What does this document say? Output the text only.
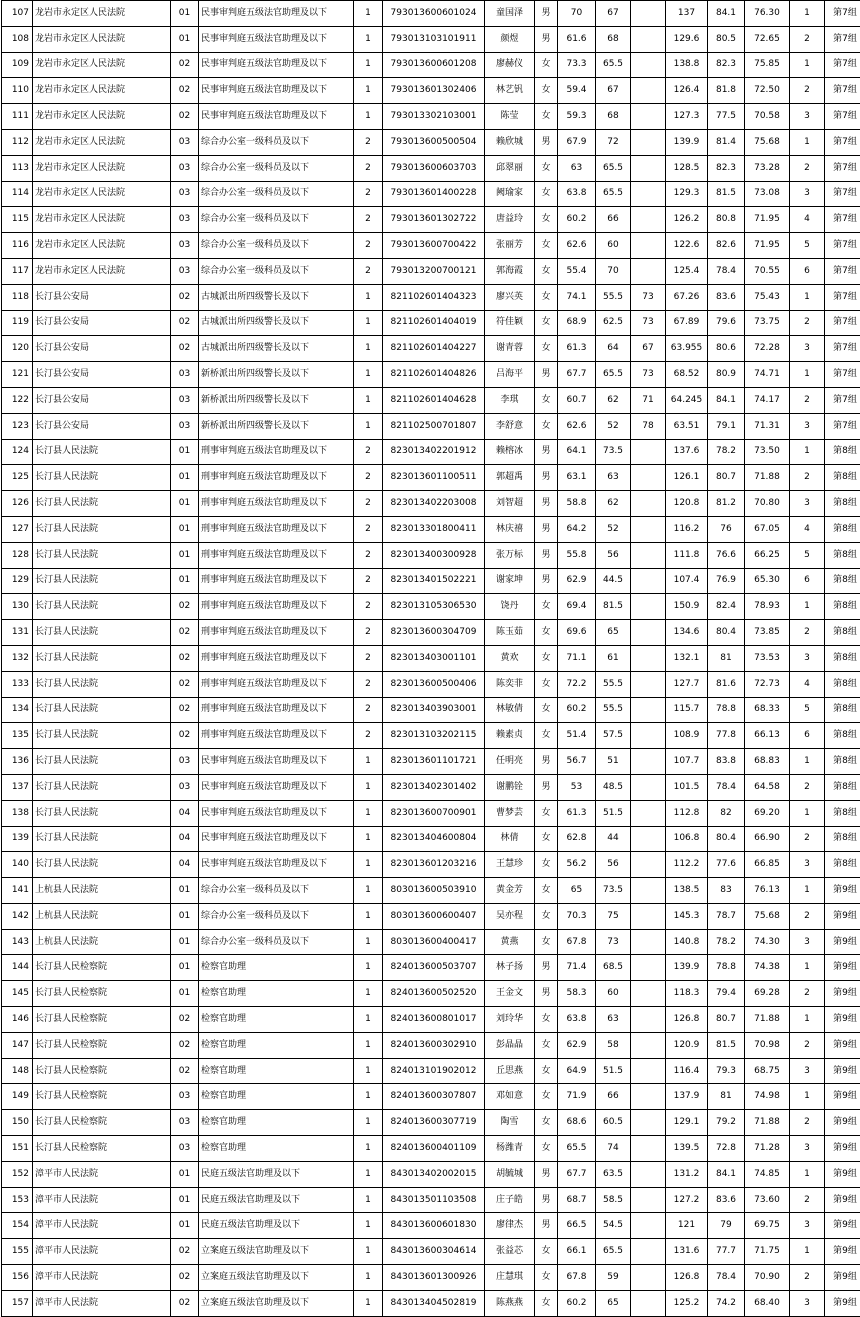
107	龙岩市永定区人民法院	01	民事审判庭五级法官助理及以下	1	793013600601024	童国泽	男	70	67		137	84.1	76.30	1	第7组	
108	龙岩市永定区人民法院	01	民事审判庭五级法官助理及以下	1	793013103101911	颜煜	男	61.6	68		129.6	80.5	72.65	2	第7组	
109	龙岩市永定区人民法院	02	民事审判庭五级法官助理及以下	1	793013600601208	廖赫仪	女	73.3	65.5		138.8	82.3	75.85	1	第7组	
110	龙岩市永定区人民法院	02	民事审判庭五级法官助理及以下	1	793013601302406	林艺钒	女	59.4	67		126.4	81.8	72.50	2	第7组	
111	龙岩市永定区人民法院	02	民事审判庭五级法官助理及以下	1	793013302103001	陈莹	女	59.3	68		127.3	77.5	70.58	3	第7组	
112	龙岩市永定区人民法院	03	综合办公室一级科员及以下	2	793013600500504	赖欣城	男	67.9	72		139.9	81.4	75.68	1	第7组	
113	龙岩市永定区人民法院	03	综合办公室一级科员及以下	2	793013600603703	邱翠丽	女	63	65.5		128.5	82.3	73.28	2	第7组	
114	龙岩市永定区人民法院	03	综合办公室一级科员及以下	2	793013601400228	阙瑜家	女	63.8	65.5		129.3	81.5	73.08	3	第7组	
115	龙岩市永定区人民法院	03	综合办公室一级科员及以下	2	793013601302722	唐益玲	女	60.2	66		126.2	80.8	71.95	4	第7组	
116	龙岩市永定区人民法院	03	综合办公室一级科员及以下	2	793013600700422	张丽芳	女	62.6	60		122.6	82.6	71.95	5	第7组	
117	龙岩市永定区人民法院	03	综合办公室一级科员及以下	2	793013200700121	郭海霞	女	55.4	70		125.4	78.4	70.55	6	第7组	
118	长汀县公安局	02	古城派出所四级警长及以下	1	821102601404323	廖兴英	女	74.1	55.5	73	67.26	83.6	75.43	1	第7组	
119	长汀县公安局	02	古城派出所四级警长及以下	1	821102601404019	符佳颖	女	68.9	62.5	73	67.89	79.6	73.75	2	第7组	
120	长汀县公安局	02	古城派出所四级警长及以下	1	821102601404227	谢青蓉	女	61.3	64	67	63.955	80.6	72.28	3	第7组	
121	长汀县公安局	03	新桥派出所四级警长及以下	1	821102601404826	吕海平	男	67.7	65.5	73	68.52	80.9	74.71	1	第7组	
122	长汀县公安局	03	新桥派出所四级警长及以下	1	821102601404628	李琪	女	60.7	62	71	64.245	84.1	74.17	2	第7组	
123	长汀县公安局	03	新桥派出所四级警长及以下	1	821102500701807	李舒意	女	62.6	52	78	63.51	79.1	71.31	3	第7组	
124	长汀县人民法院	01	刑事审判庭五级法官助理及以下	2	823013402201912	赖榕冰	男	64.1	73.5		137.6	78.2	73.50	1	第8组	
125	长汀县人民法院	01	刑事审判庭五级法官助理及以下	2	823013601100511	郭超禹	男	63.1	63		126.1	80.7	71.88	2	第8组	
126	长汀县人民法院	01	刑事审判庭五级法官助理及以下	2	823013402203008	刘智超	男	58.8	62		120.8	81.2	70.80	3	第8组	
127	长汀县人民法院	01	刑事审判庭五级法官助理及以下	2	823013301800411	林庆禧	男	64.2	52		116.2	76	67.05	4	第8组	
128	长汀县人民法院	01	刑事审判庭五级法官助理及以下	2	823013400300928	张万标	男	55.8	56		111.8	76.6	66.25	5	第8组	
129	长汀县人民法院	01	刑事审判庭五级法官助理及以下	2	823013401502221	谢家坤	男	62.9	44.5		107.4	76.9	65.30	6	第8组	
130	长汀县人民法院	02	刑事审判庭五级法官助理及以下	2	823013105306530	饶丹	女	69.4	81.5		150.9	82.4	78.93	1	第8组	
131	长汀县人民法院	02	刑事审判庭五级法官助理及以下	2	823013600304709	陈玉茹	女	69.6	65		134.6	80.4	73.85	2	第8组	
132	长汀县人民法院	02	刑事审判庭五级法官助理及以下	2	823013403001101	黄欢	女	71.1	61		132.1	81	73.53	3	第8组	
133	长汀县人民法院	02	刑事审判庭五级法官助理及以下	2	823013600500406	陈奕菲	女	72.2	55.5		127.7	81.6	72.73	4	第8组	
134	长汀县人民法院	02	刑事审判庭五级法官助理及以下	2	823013403903001	林敏倩	女	60.2	55.5		115.7	78.8	68.33	5	第8组	
135	长汀县人民法院	02	刑事审判庭五级法官助理及以下	2	823013103202115	赖素贞	女	51.4	57.5		108.9	77.8	66.13	6	第8组	
136	长汀县人民法院	03	民事审判庭五级法官助理及以下	1	823013601101721	任明亮	男	56.7	51		107.7	83.8	68.83	1	第8组	
137	长汀县人民法院	03	民事审判庭五级法官助理及以下	1	823013402301402	谢鹏铨	男	53	48.5		101.5	78.4	64.58	2	第8组	
138	长汀县人民法院	04	民事审判庭五级法官助理及以下	1	823013600700901	曹梦芸	女	61.3	51.5		112.8	82	69.20	1	第8组	
139	长汀县人民法院	04	民事审判庭五级法官助理及以下	1	823013404600804	林倩	女	62.8	44		106.8	80.4	66.90	2	第8组	
140	长汀县人民法院	04	民事审判庭五级法官助理及以下	1	823013601203216	王慧珍	女	56.2	56		112.2	77.6	66.85	3	第8组	
141	上杭县人民法院	01	综合办公室一级科员及以下	1	803013600503910	黄金芳	女	65	73.5		138.5	83	76.13	1	第9组	
142	上杭县人民法院	01	综合办公室一级科员及以下	1	803013600600407	吴亦程	女	70.3	75		145.3	78.7	75.68	2	第9组	
143	上杭县人民法院	01	综合办公室一级科员及以下	1	803013600400417	黄燕	女	67.8	73		140.8	78.2	74.30	3	第9组	
144	长汀县人民检察院	01	检察官助理	1	824013600503707	林子扬	男	71.4	68.5		139.9	78.8	74.38	1	第9组	
145	长汀县人民检察院	01	检察官助理	1	824013600502520	王金文	男	58.3	60		118.3	79.4	69.28	2	第9组	
146	长汀县人民检察院	02	检察官助理	1	824013600801017	刘玲华	女	63.8	63		126.8	80.7	71.88	1	第9组	
147	长汀县人民检察院	02	检察官助理	1	824013600302910	彭晶晶	女	62.9	58		120.9	81.5	70.98	2	第9组	
148	长汀县人民检察院	02	检察官助理	1	824013101902012	丘思燕	女	64.9	51.5		116.4	79.3	68.75	3	第9组	
149	长汀县人民检察院	03	检察官助理	1	824013600307807	邓如意	女	71.9	66		137.9	81	74.98	1	第9组	
150	长汀县人民检察院	03	检察官助理	1	824013600307719	陶雪	女	68.6	60.5		129.1	79.2	71.88	2	第9组	
151	长汀县人民检察院	03	检察官助理	1	824013600401109	杨潍青	女	65.5	74		139.5	72.8	71.28	3	第9组	
152	漳平市人民法院	01	民庭五级法官助理及以下	1	843013402002015	胡毓城	男	67.7	63.5		131.2	84.1	74.85	1	第9组	
153	漳平市人民法院	01	民庭五级法官助理及以下	1	843013501103508	庄子皓	男	68.7	58.5		127.2	83.6	73.60	2	第9组	
154	漳平市人民法院	01	民庭五级法官助理及以下	1	843013600601830	廖律杰	男	66.5	54.5		121	79	69.75	3	第9组	
155	漳平市人民法院	02	立案庭五级法官助理及以下	1	843013600304614	张益芯	女	66.1	65.5		131.6	77.7	71.75	1	第9组	
156	漳平市人民法院	02	立案庭五级法官助理及以下	1	843013601300926	庄慧琪	女	67.8	59		126.8	78.4	70.90	2	第9组	
157	漳平市人民法院	02	立案庭五级法官助理及以下	1	843013404502819	陈燕燕	女	60.2	65		125.2	74.2	68.40	3	第9组	
